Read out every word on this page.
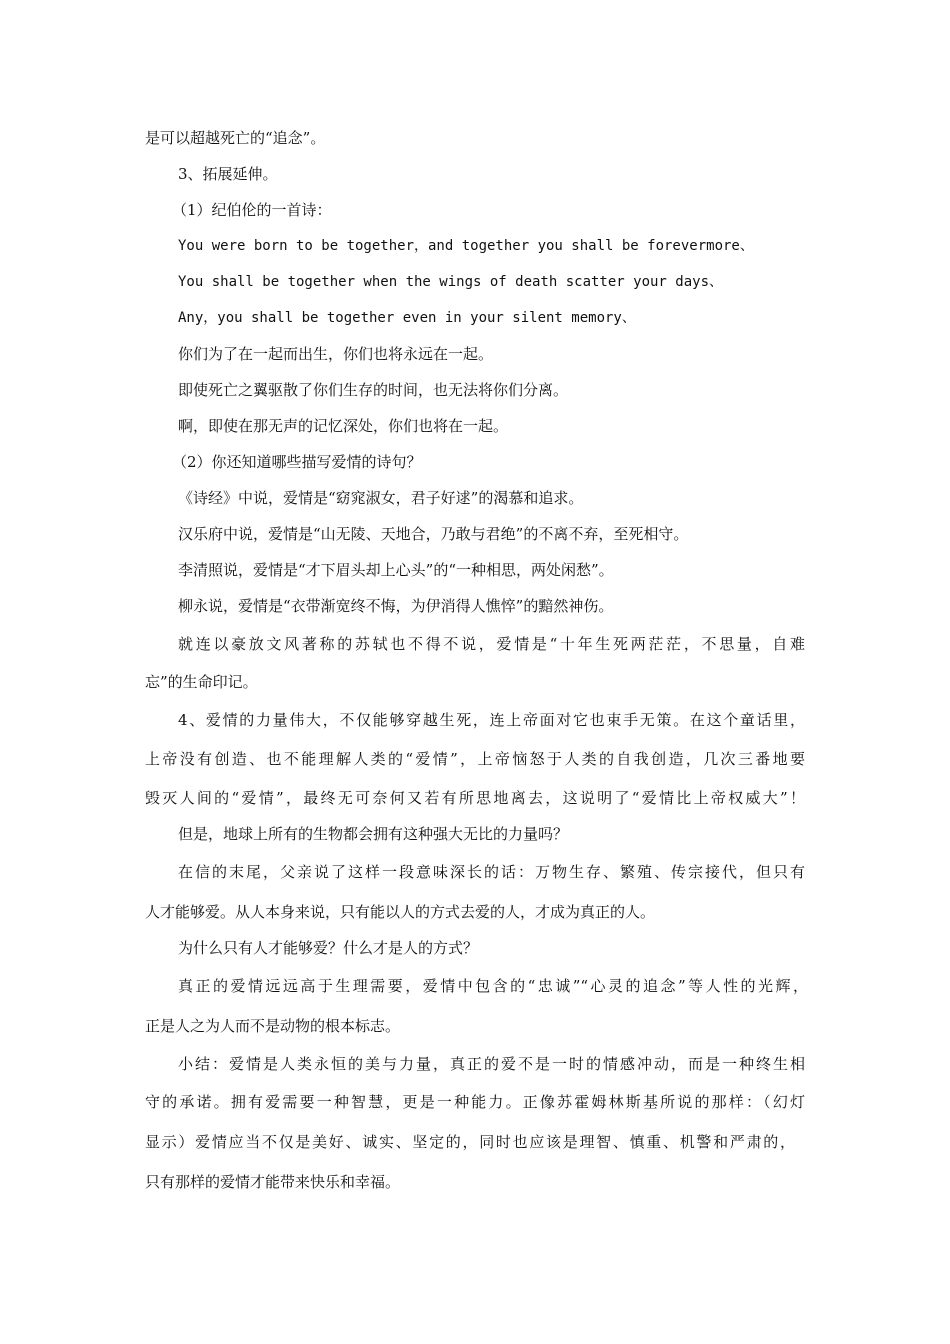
是可以超越死亡的“追念”。
3、拓展延伸。
（1）纪伯伦的一首诗：
You were born to be together，and together you shall be forevermore、
You shall be together when the wings of death scatter your days、
Any，you shall be together even in your silent memory、
你们为了在一起而出生，你们也将永远在一起。
即使死亡之翼驱散了你们生存的时间，也无法将你们分离。
啊，即使在那无声的记忆深处，你们也将在一起。
（2）你还知道哪些描写爱情的诗句？
《诗经》中说，爱情是“窈窕淑女，君子好逑”的渴慕和追求。
汉乐府中说，爱情是“山无陵、天地合，乃敢与君绝”的不离不弃，至死相守。
李清照说，爱情是“才下眉头却上心头”的“一种相思，两处闲愁”。
柳永说，爱情是“衣带渐宽终不悔，为伊消得人憔悴”的黯然神伤。
就连以豪放文风著称的苏轼也不得不说，爱情是“十年生死两茫茫，不思量，自难
忘”的生命印记。
4、爱情的力量伟大，不仅能够穿越生死，连上帝面对它也束手无策。在这个童话里，
上帝没有创造、也不能理解人类的“爱情”，上帝恼怒于人类的自我创造，几次三番地要
毁灭人间的“爱情”，最终无可奈何又若有所思地离去，这说明了“爱情比上帝权威大”！
但是，地球上所有的生物都会拥有这种强大无比的力量吗？
在信的末尾，父亲说了这样一段意味深长的话：万物生存、繁殖、传宗接代，但只有
人才能够爱。从人本身来说，只有能以人的方式去爱的人，才成为真正的人。
为什么只有人才能够爱？什么才是人的方式？
真正的爱情远远高于生理需要，爱情中包含的“忠诚”“心灵的追念”等人性的光辉，
正是人之为人而不是动物的根本标志。
小结：爱情是人类永恒的美与力量，真正的爱不是一时的情感冲动，而是一种终生相
守的承诺。拥有爱需要一种智慧，更是一种能力。正像苏霍姆林斯基所说的那样：（幻灯
显示）爱情应当不仅是美好、诚实、坚定的，同时也应该是理智、慎重、机警和严肃的，
只有那样的爱情才能带来快乐和幸福。
